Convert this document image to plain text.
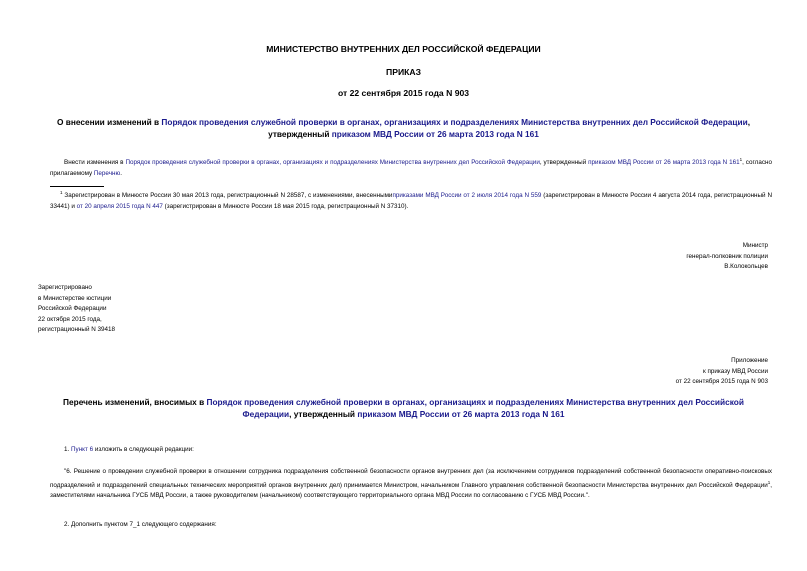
МИНИСТЕРСТВО ВНУТРЕННИХ ДЕЛ РОССИЙСКОЙ ФЕДЕРАЦИИ
ПРИКАЗ
от 22 сентября 2015 года N 903
О внесении изменений в Порядок проведения служебной проверки в органах, организациях и подразделениях Министерства внутренних дел Российской Федерации, утвержденный приказом МВД России от 26 марта 2013 года N 161
Внести изменения в Порядок проведения служебной проверки в органах, организациях и подразделениях Министерства внутренних дел Российской Федерации, утвержденный приказом МВД России от 26 марта 2013 года N $161^1$, согласно прилагаемому Перечню.
$^1$ Зарегистрирован в Минюсте России 30 мая 2013 года, регистрационный N 28587, с изменениями, внесеннымиприказами МВД России от 2 июля 2014 года N 559 (зарегистрирован в Минюсте России 4 августа 2014 года, регистрационный N 33441) и от 20 апреля 2015 года N 447 (зарегистрирован в Минюсте России 18 мая 2015 года, регистрационный N 37310).
Министр
генерал-полковник полиции
В.Колокольцев
Зарегистрировано
в Министерстве юстиции
Российской Федерации
22 октября 2015 года,
регистрационный N 39418
Приложение
к приказу МВД России
от 22 сентября 2015 года N 903
Перечень изменений, вносимых в Порядок проведения служебной проверки в органах, организациях и подразделениях Министерства внутренних дел Российской Федерации, утвержденный приказом МВД России от 26 марта 2013 года N 161
1. Пункт 6 изложить в следующей редакции:
"6. Решение о проведении служебной проверки в отношении сотрудника подразделения собственной безопасности органов внутренних дел (за исключением сотрудников подразделений собственной безопасности оперативно-поисковых подразделений и подразделений специальных технических мероприятий органов внутренних дел) принимается Министром, начальником Главного управления собственной безопасности Министерства внутренних дел Российской Федерации$^1$, заместителями начальника ГУСБ МВД России, а также руководителем (начальником) соответствующего территориального органа МВД России по согласованию с ГУСБ МВД России.".
2. Дополнить пунктом 7_1 следующего содержания:
